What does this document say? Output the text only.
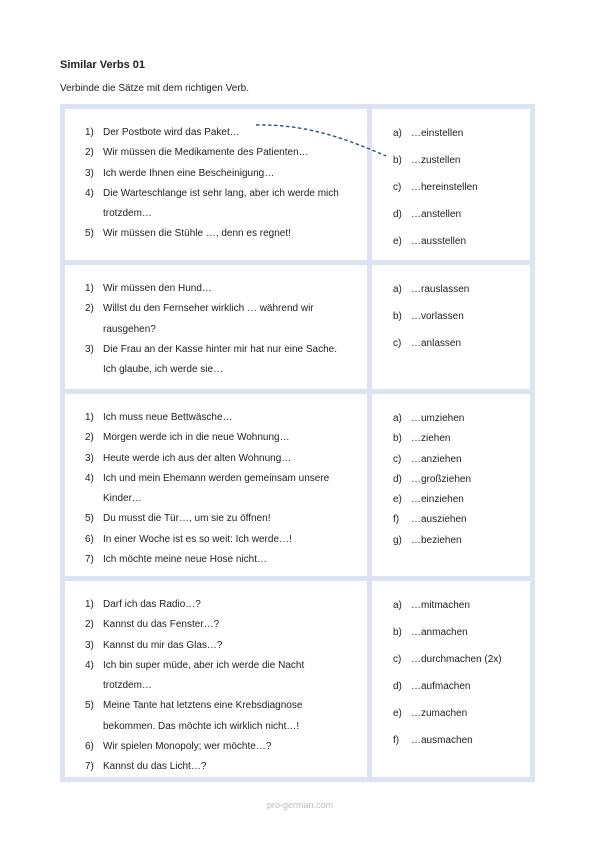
Similar Verbs 01

Verbinde die Sätze mit dem richtigen Verb.

1) Der Postbote wird das Paket…
2) Wir müssen die Medikamente des Patienten…
3) Ich werde Ihnen eine Bescheinigung…
4) Die Warteschlange ist sehr lang, aber ich werde mich trotzdem…
5) Wir müssen die Stühle …, denn es regnet!
a) …einstellen
b) …zustellen
c) …hereinstellen
d) …anstellen
e) …ausstellen
1) Wir müssen den Hund…
2) Willst du den Fernseher wirklich … während wir rausgehen?
3) Die Frau an der Kasse hinter mir hat nur eine Sache. Ich glaube, ich werde sie…
a) …rauslassen
b) …vorlassen
c) …anlassen
1) Ich muss neue Bettwäsche…
2) Morgen werde ich in die neue Wohnung…
3) Heute werde ich aus der alten Wohnung…
4) Ich und mein Ehemann werden gemeinsam unsere Kinder…
5) Du musst die Tür…, um sie zu öffnen!
6) In einer Woche ist es so weit: Ich werde…!
7) Ich möchte meine neue Hose nicht…
a) …umziehen
b) …ziehen
c) …anziehen
d) …großziehen
e) …einziehen
f)	…ausziehen
g) …beziehen
1) Darf ich das Radio…?
2) Kannst du das Fenster…?
3) Kannst du mir das Glas…?
4) Ich bin super müde, aber ich werde die Nacht trotzdem…
5) Meine Tante hat letztens eine Krebsdiagnose bekommen. Das möchte ich wirklich nicht…!
6) Wir spielen Monopoly; wer möchte…?
7) Kannst du das Licht…?
a) …mitmachen
b) …anmachen
c) …durchmachen (2x)
d) …aufmachen
e) …zumachen
f)	…ausmachen

pro-german.com
